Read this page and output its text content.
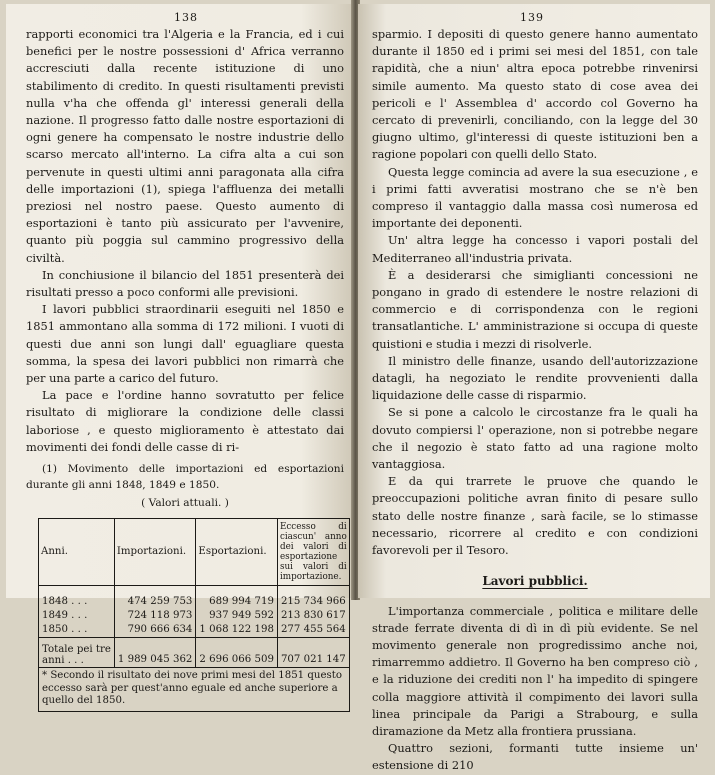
138

rapporti economici tra l'Algeria e la Francia, ed i cui benefici per le nostre possessioni d' Africa verranno accresciuti dalla recente istituzione di uno stabilimento di credito. In questi risultamenti previsti nulla v'ha che offenda gl' interessi generali della nazione. Il progresso fatto dalle nostre esportazioni di ogni genere ha compensato le nostre industrie dello scarso mercato all'interno. La cifra alta a cui son pervenute in questi ultimi anni paragonata alla cifra delle importazioni (1), spiega l'affluenza dei metalli preziosi nel nostro paese. Questo aumento di esportazioni è tanto più assicurato per l'avvenire, quanto più poggia sul cammino progressivo della civiltà.

In conchiusione il bilancio del 1851 presenterà dei risultati presso a poco conformi alle previsioni.

I lavori pubblici straordinarii eseguiti nel 1850 e 1851 ammontano alla somma di 172 milioni. I vuoti di questi due anni son lungi dall' eguagliare questa somma, la spesa dei lavori pubblici non rimarrà che per una parte a carico del futuro.

La pace e l'ordine hanno sovratutto per felice risultato di migliorare la condizione delle classi laboriose , e questo miglioramento è attestato dai movimenti dei fondi delle casse di ri-

(1) Movimento delle importazioni ed esportazioni durante gli anni 1848, 1849 e 1850.

( Valori attuali. )
Anni.	Importazioni.	Esportazioni.	Eccesso di ciascun' anno dei valori di esportazione sui valori di importazione.
1848 . . .	474 259 753	689 994 719	215 734 966
1849 . . .	724 118 973	937 949 592	213 830 617
1850 . . .	790 666 634	1 068 122 198	277 455 564
Totale pei tre
anni . . .	1 989 045 362	2 696 066 509	707 021 147

* Secondo il risultato dei nove primi mesi del 1851 questo eccesso sarà per quest'anno eguale ed anche superiore a quello del 1850.			
139

sparmio. I depositi di questo genere hanno aumentato durante il 1850 ed i primi sei mesi del 1851, con tale rapidità, che a niun' altra epoca potrebbe rinvenirsi simile aumento. Ma questo stato di cose avea dei pericoli e l' Assemblea d' accordo col Governo ha cercato di prevenirli, conciliando, con la legge del 30 giugno ultimo, gl'interessi di queste istituzioni ben a ragione popolari con quelli dello Stato.

Questa legge comincia ad avere la sua esecuzione , e i primi fatti avveratisi mostrano che se n'è ben compreso il vantaggio dalla massa così numerosa ed importante dei deponenti.

Un' altra legge ha concesso i vapori postali del Mediterraneo all'industria privata.

È a desiderarsi che simiglianti concessioni ne pongano in grado di estendere le nostre relazioni di commercio e di corrispondenza con le regioni transatlantiche. L' amministrazione si occupa di queste quistioni e studia i mezzi di risolverle.

Il ministro delle finanze, usando dell'autorizzazione datagli, ha negoziato le rendite provvenienti dalla liquidazione delle casse di risparmio.

Se si pone a calcolo le circostanze fra le quali ha dovuto compiersi l' operazione, non si potrebbe negare che il negozio è stato fatto ad una ragione molto vantaggiosa.

E da qui trarrete le pruove che quando le preoccupazioni politiche avran finito di pesare sullo stato delle nostre finanze , sarà facile, se lo stimasse necessario, ricorrere al credito e con condizioni favorevoli per il Tesoro.

Lavori pubblici.

L'importanza commerciale , politica e militare delle strade ferrate diventa di dì in dì più evidente. Se nel movimento generale non progredissimo anche noi, rimarremmo addietro. Il Governo ha ben compreso ciò , e la riduzione dei crediti non l' ha impedito di spingere colla maggiore attività il compimento dei lavori sulla linea principale da Parigi a Strabourg, e sulla diramazione da Metz alla frontiera prussiana.

Quattro sezioni, formanti tutte insieme un' estensione di 210
